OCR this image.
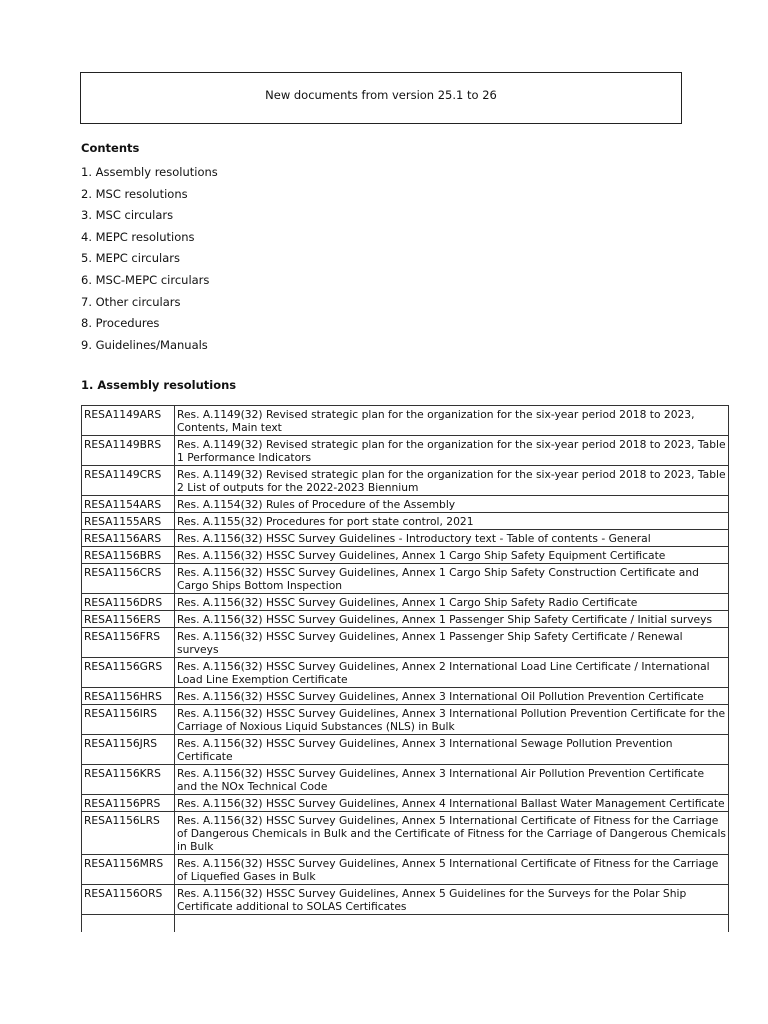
New documents from version 25.1 to 26
Contents
1. Assembly resolutions
2. MSC resolutions
3. MSC circulars
4. MEPC resolutions
5. MEPC circulars
6. MSC-MEPC circulars
7. Other circulars
8. Procedures
9. Guidelines/Manuals
1. Assembly resolutions
RESA1149ARS	Res. A.1149(32) Revised strategic plan for the organization for the six-year period 2018 to 2023, Contents, Main text
RESA1149BRS	Res. A.1149(32) Revised strategic plan for the organization for the six-year period 2018 to 2023, Table 1 Performance Indicators
RESA1149CRS	Res. A.1149(32) Revised strategic plan for the organization for the six-year period 2018 to 2023, Table 2 List of outputs for the 2022-2023 Biennium
RESA1154ARS	Res. A.1154(32) Rules of Procedure of the Assembly
RESA1155ARS	Res. A.1155(32) Procedures for port state control, 2021
RESA1156ARS	Res. A.1156(32) HSSC Survey Guidelines - Introductory text - Table of contents - General
RESA1156BRS	Res. A.1156(32) HSSC Survey Guidelines, Annex 1 Cargo Ship Safety Equipment Certificate
RESA1156CRS	Res. A.1156(32) HSSC Survey Guidelines, Annex 1 Cargo Ship Safety Construction Certificate and Cargo Ships Bottom Inspection
RESA1156DRS	Res. A.1156(32) HSSC Survey Guidelines, Annex 1 Cargo Ship Safety Radio Certificate
RESA1156ERS	Res. A.1156(32) HSSC Survey Guidelines, Annex 1 Passenger Ship Safety Certificate / Initial surveys
RESA1156FRS	Res. A.1156(32) HSSC Survey Guidelines, Annex 1 Passenger Ship Safety Certificate / Renewal surveys
RESA1156GRS	Res. A.1156(32) HSSC Survey Guidelines, Annex 2 International Load Line Certificate / International Load Line Exemption Certificate
RESA1156HRS	Res. A.1156(32) HSSC Survey Guidelines, Annex 3 International Oil Pollution Prevention Certificate
RESA1156IRS	Res. A.1156(32) HSSC Survey Guidelines, Annex 3 International Pollution Prevention Certificate for the Carriage of Noxious Liquid Substances (NLS) in Bulk
RESA1156JRS	Res. A.1156(32) HSSC Survey Guidelines, Annex 3 International Sewage Pollution Prevention Certificate
RESA1156KRS	Res. A.1156(32) HSSC Survey Guidelines, Annex 3 International Air Pollution Prevention Certificate and the NOx Technical Code
RESA1156PRS	Res. A.1156(32) HSSC Survey Guidelines, Annex 4 International Ballast Water Management Certificate
RESA1156LRS	Res. A.1156(32) HSSC Survey Guidelines, Annex 5 International Certificate of Fitness for the Carriage of Dangerous Chemicals in Bulk and the Certificate of Fitness for the Carriage of Dangerous Chemicals in Bulk
RESA1156MRS	Res. A.1156(32) HSSC Survey Guidelines, Annex 5 International Certificate of Fitness for the Carriage of Liquefied Gases in Bulk
RESA1156ORS	Res. A.1156(32) HSSC Survey Guidelines, Annex 5 Guidelines for the Surveys for the Polar Ship Certificate additional to SOLAS Certificates
